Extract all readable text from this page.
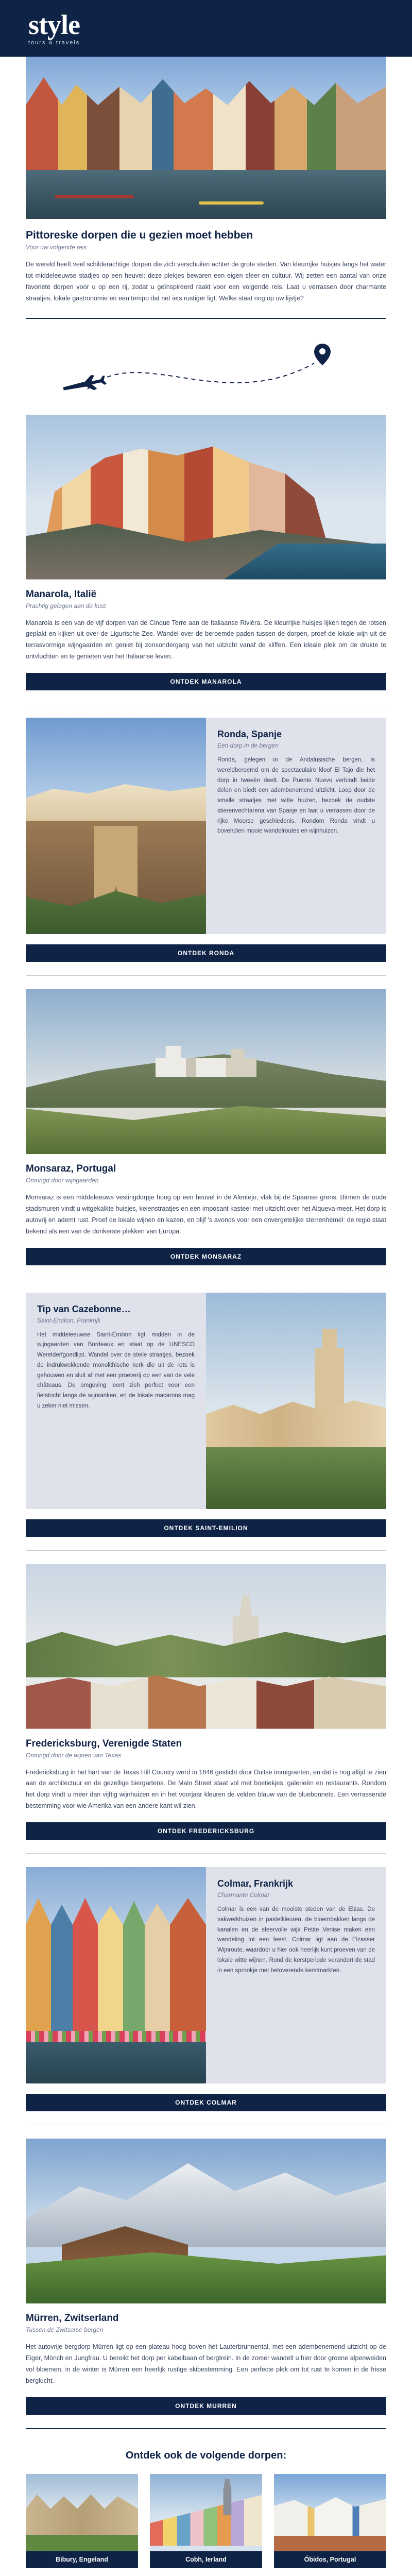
style
tours & travels
Pittoreske dorpen die u gezien moet hebben
Voor uw volgende reis

De wereld heeft veel schilderachtige dorpen die zich verschuilen achter de grote steden. Van kleurrijke huisjes langs het water tot middeleeuwse stadjes op een heuvel: deze plekjes bewaren een eigen sfeer en cultuur. Wij zetten een aantal van onze favoriete dorpen voor u op een rij, zodat u geïnspireerd raakt voor een volgende reis. Laat u verrassen door charmante straatjes, lokale gastronomie en een tempo dat net iets rustiger ligt. Welke staat nog op uw lijstje?

Manarola, Italië
Prachtig gelegen aan de kust

Manarola is een van de vijf dorpen van de Cinque Terre aan de Italiaanse Rivièra. De kleurrijke huisjes lijken tegen de rotsen geplakt en kijken uit over de Ligurische Zee. Wandel over de beroemde paden tussen de dorpen, proef de lokale wijn uit de terrasvormige wijngaarden en geniet bij zonsondergang van het uitzicht vanaf de kliffen. Een ideale plek om de drukte te ontvluchten en te genieten van het Italiaanse leven.

ONTDEK MANAROLA
Ronda, Spanje
Een dorp in de bergen

Ronda, gelegen in de Andalusische bergen, is wereldberoemd om de spectaculaire kloof El Tajo die het dorp in tweeën deelt. De Puente Nuevo verbindt beide delen en biedt een adembenemend uitzicht. Loop door de smalle straatjes met witte huizen, bezoek de oudste stierenvechtarena van Spanje en laat u verrassen door de rijke Moorse geschiedenis. Rondom Ronda vindt u bovendien mooie wandelroutes en wijnhuizen.

ONTDEK RONDA
Monsaraz, Portugal
Omringd door wijngaarden

Monsaraz is een middeleeuws vestingdorpje hoog op een heuvel in de Alentejo, vlak bij de Spaanse grens. Binnen de oude stadsmuren vindt u witgekalkte huisjes, keienstraatjes en een imposant kasteel met uitzicht over het Alqueva-meer. Het dorp is autovrij en ademt rust. Proef de lokale wijnen en kazen, en blijf 's avonds voor een onvergetelijke sterrenhemel: de regio staat bekend als een van de donkerste plekken van Europa.

ONTDEK MONSARAZ
Tip van Cazebonne…
Saint-Emilion, Frankrijk

Het middeleeuwse Saint-Émilion ligt midden in de wijngaarden van Bordeaux en staat op de UNESCO Werelderfgoedlijst. Wandel over de steile straatjes, bezoek de indrukwekkende monolithische kerk die uit de rots is gehouwen en sluit af met een proeverij op een van de vele châteaus. De omgeving leent zich perfect voor een fietstocht langs de wijnranken, en de lokale macarons mag u zeker niet missen.

ONTDEK SAINT-EMILION
Fredericksburg, Verenigde Staten
Omringd door de wijnen van Texas

Fredericksburg in het hart van de Texas Hill Country werd in 1846 gesticht door Duitse immigranten, en dat is nog altijd te zien aan de architectuur en de gezellige biergartens. De Main Street staat vol met boetiekjes, galerieën en restaurants. Rondom het dorp vindt u meer dan vijftig wijnhuizen en in het voorjaar kleuren de velden blauw van de bluebonnets. Een verrassende bestemming voor wie Amerika van een andere kant wil zien.

ONTDEK FREDERICKSBURG
Colmar, Frankrijk
Charmante Colmar

Colmar is een van de mooiste steden van de Elzas. De vakwerkhuizen in pastelkleuren, de bloembakken langs de kanalen en de sfeervolle wijk Petite Venise maken een wandeling tot een feest. Colmar ligt aan de Elzasser Wijnroute, waardoor u hier ook heerlijk kunt proeven van de lokale witte wijnen. Rond de kerstperiode verandert de stad in een sprookje met betoverende kerstmarkten.

ONTDEK COLMAR
Mürren, Zwitserland
Tussen de Zwitserse bergen

Het autovrije bergdorp Mürren ligt op een plateau hoog boven het Lauterbrunnental, met een adembenemend uitzicht op de Eiger, Mönch en Jungfrau. U bereikt het dorp per kabelbaan of bergtrein. In de zomer wandelt u hier door groene alpenweiden vol bloemen, in de winter is Mürren een heerlijk rustige skibestemming. Een perfecte plek om tot rust te komen in de frisse berglucht.

ONTDEK MURREN
Ontdek ook de volgende dorpen:
Bibury, Engeland	Cobh, Ierland	Óbidos, Portugal
